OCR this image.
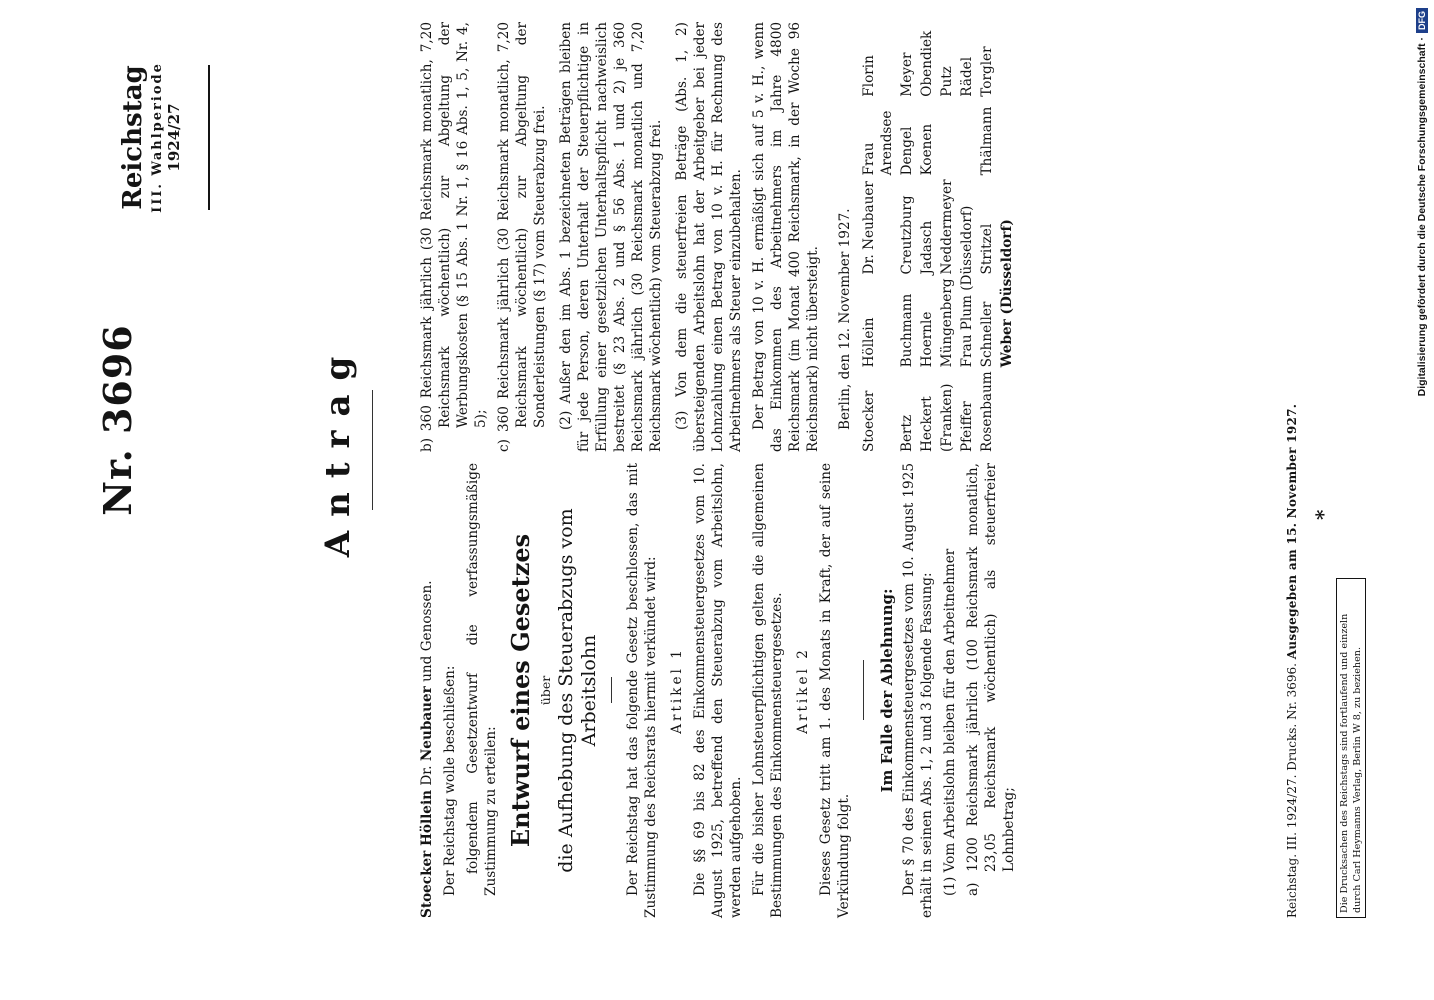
Nr. 3696
Reichstag III. Wahlperiode 1924/27
Antrag

Stoecker Höllein Dr. Neubauer und Genossen.

Der Reichstag wolle beschließen: folgendem Gesetzentwurf die verfassungsmäßige Zustimmung zu erteilen: Entwurf eines Gesetzes über die Aufhebung des Steuerabzugs vom Arbeitslohn Der Reichstag hat das folgende Gesetz beschlossen, das mit Zustimmung des Reichsrats hiermit verkündet wird: Artikel 1 Die §§ 69 bis 82 des Einkommensteuergesetzes vom 10. August 1925, betreffend den Steuerabzug vom Arbeitslohn, werden aufgehoben. Für die bisher Lohnsteuerpflichtigen gelten die allgemeinen Bestimmungen des Einkommensteuergesetzes. Artikel 2 Dieses Gesetz tritt am 1. des Monats in Kraft, der auf seine Verkündung folgt.

Im Falle der Ablehnung: Der § 70 des Einkommensteuergesetzes vom 10. August 1925 erhält in seinen Abs. 1, 2 und 3 folgende Fassung: (1) Vom Arbeitslohn bleiben für den Arbeitnehmer a) 1200 Reichsmark jährlich (100 Reichsmark monatlich, 23,05 Reichsmark wöchentlich) als steuerfreier Lohnbetrag;

b) 360 Reichsmark jährlich (30 Reichsmark monatlich, 7,20 Reichsmark wöchentlich) zur Abgeltung der Werbungskosten (§ 15 Abs. 1 Nr. 1, § 16 Abs. 1, 5, Nr. 4, 5); c) 360 Reichsmark jährlich (30 Reichsmark monatlich, 7,20 Reichsmark wöchentlich) zur Abgeltung der Sonderleistungen (§ 17) vom Steuerabzug frei. (2) Außer den im Abs. 1 bezeichneten Beträgen bleiben für jede Person, deren Unterhalt der Steuerpflichtige in Erfüllung einer gesetzlichen Unterhaltspflicht nachweislich bestreitet (§ 23 Abs. 2 und § 56 Abs. 1 und 2) je 360 Reichsmark jährlich (30 Reichsmark monatlich und 7,20 Reichsmark wöchentlich) vom Steuerabzug frei. (3) Von dem die steuerfreien Beträge (Abs. 1, 2) übersteigenden Arbeitslohn hat der Arbeitgeber bei jeder Lohnzahlung einen Betrag von 10 v. H. für Rechnung des Arbeitnehmers als Steuer einzubehalten. Der Betrag von 10 v. H. ermäßigt sich auf 5 v. H., wenn das Einkommen des Arbeitnehmers im Jahre 4800 Reichsmark (im Monat 400 Reichsmark, in der Woche 96 Reichsmark) nicht übersteigt. Berlin, den 12. November 1927. Stoecker
Höllein
Dr. Neubauer
Frau Arendsee
Florin
Bertz
Buchmann
Creutzburg
Dengel
Meyer
Heckert
Hoernle
Jadasch
Koenen
Obendiek
(Franken)
Müngenberg
Neddermeyer
Putz
Pfeiffer
Frau Plum (Düsseldorf)
Rädel
Rosenbaum
Schneller
Stritzel
Thälmann
Torgler
Weber (Düsseldorf)
Reichstag. III. 1924/27. Drucks. Nr. 3696. Ausgegeben am 15. November 1927. *
Die Drucksachen des Reichstags sind fortlaufend und einzeln durch Carl Heymanns Verlag, Berlin W 8, zu beziehen.
Digitalisierung gefördert durch die Deutsche Forschungsgemeinschaft ·
DFG
